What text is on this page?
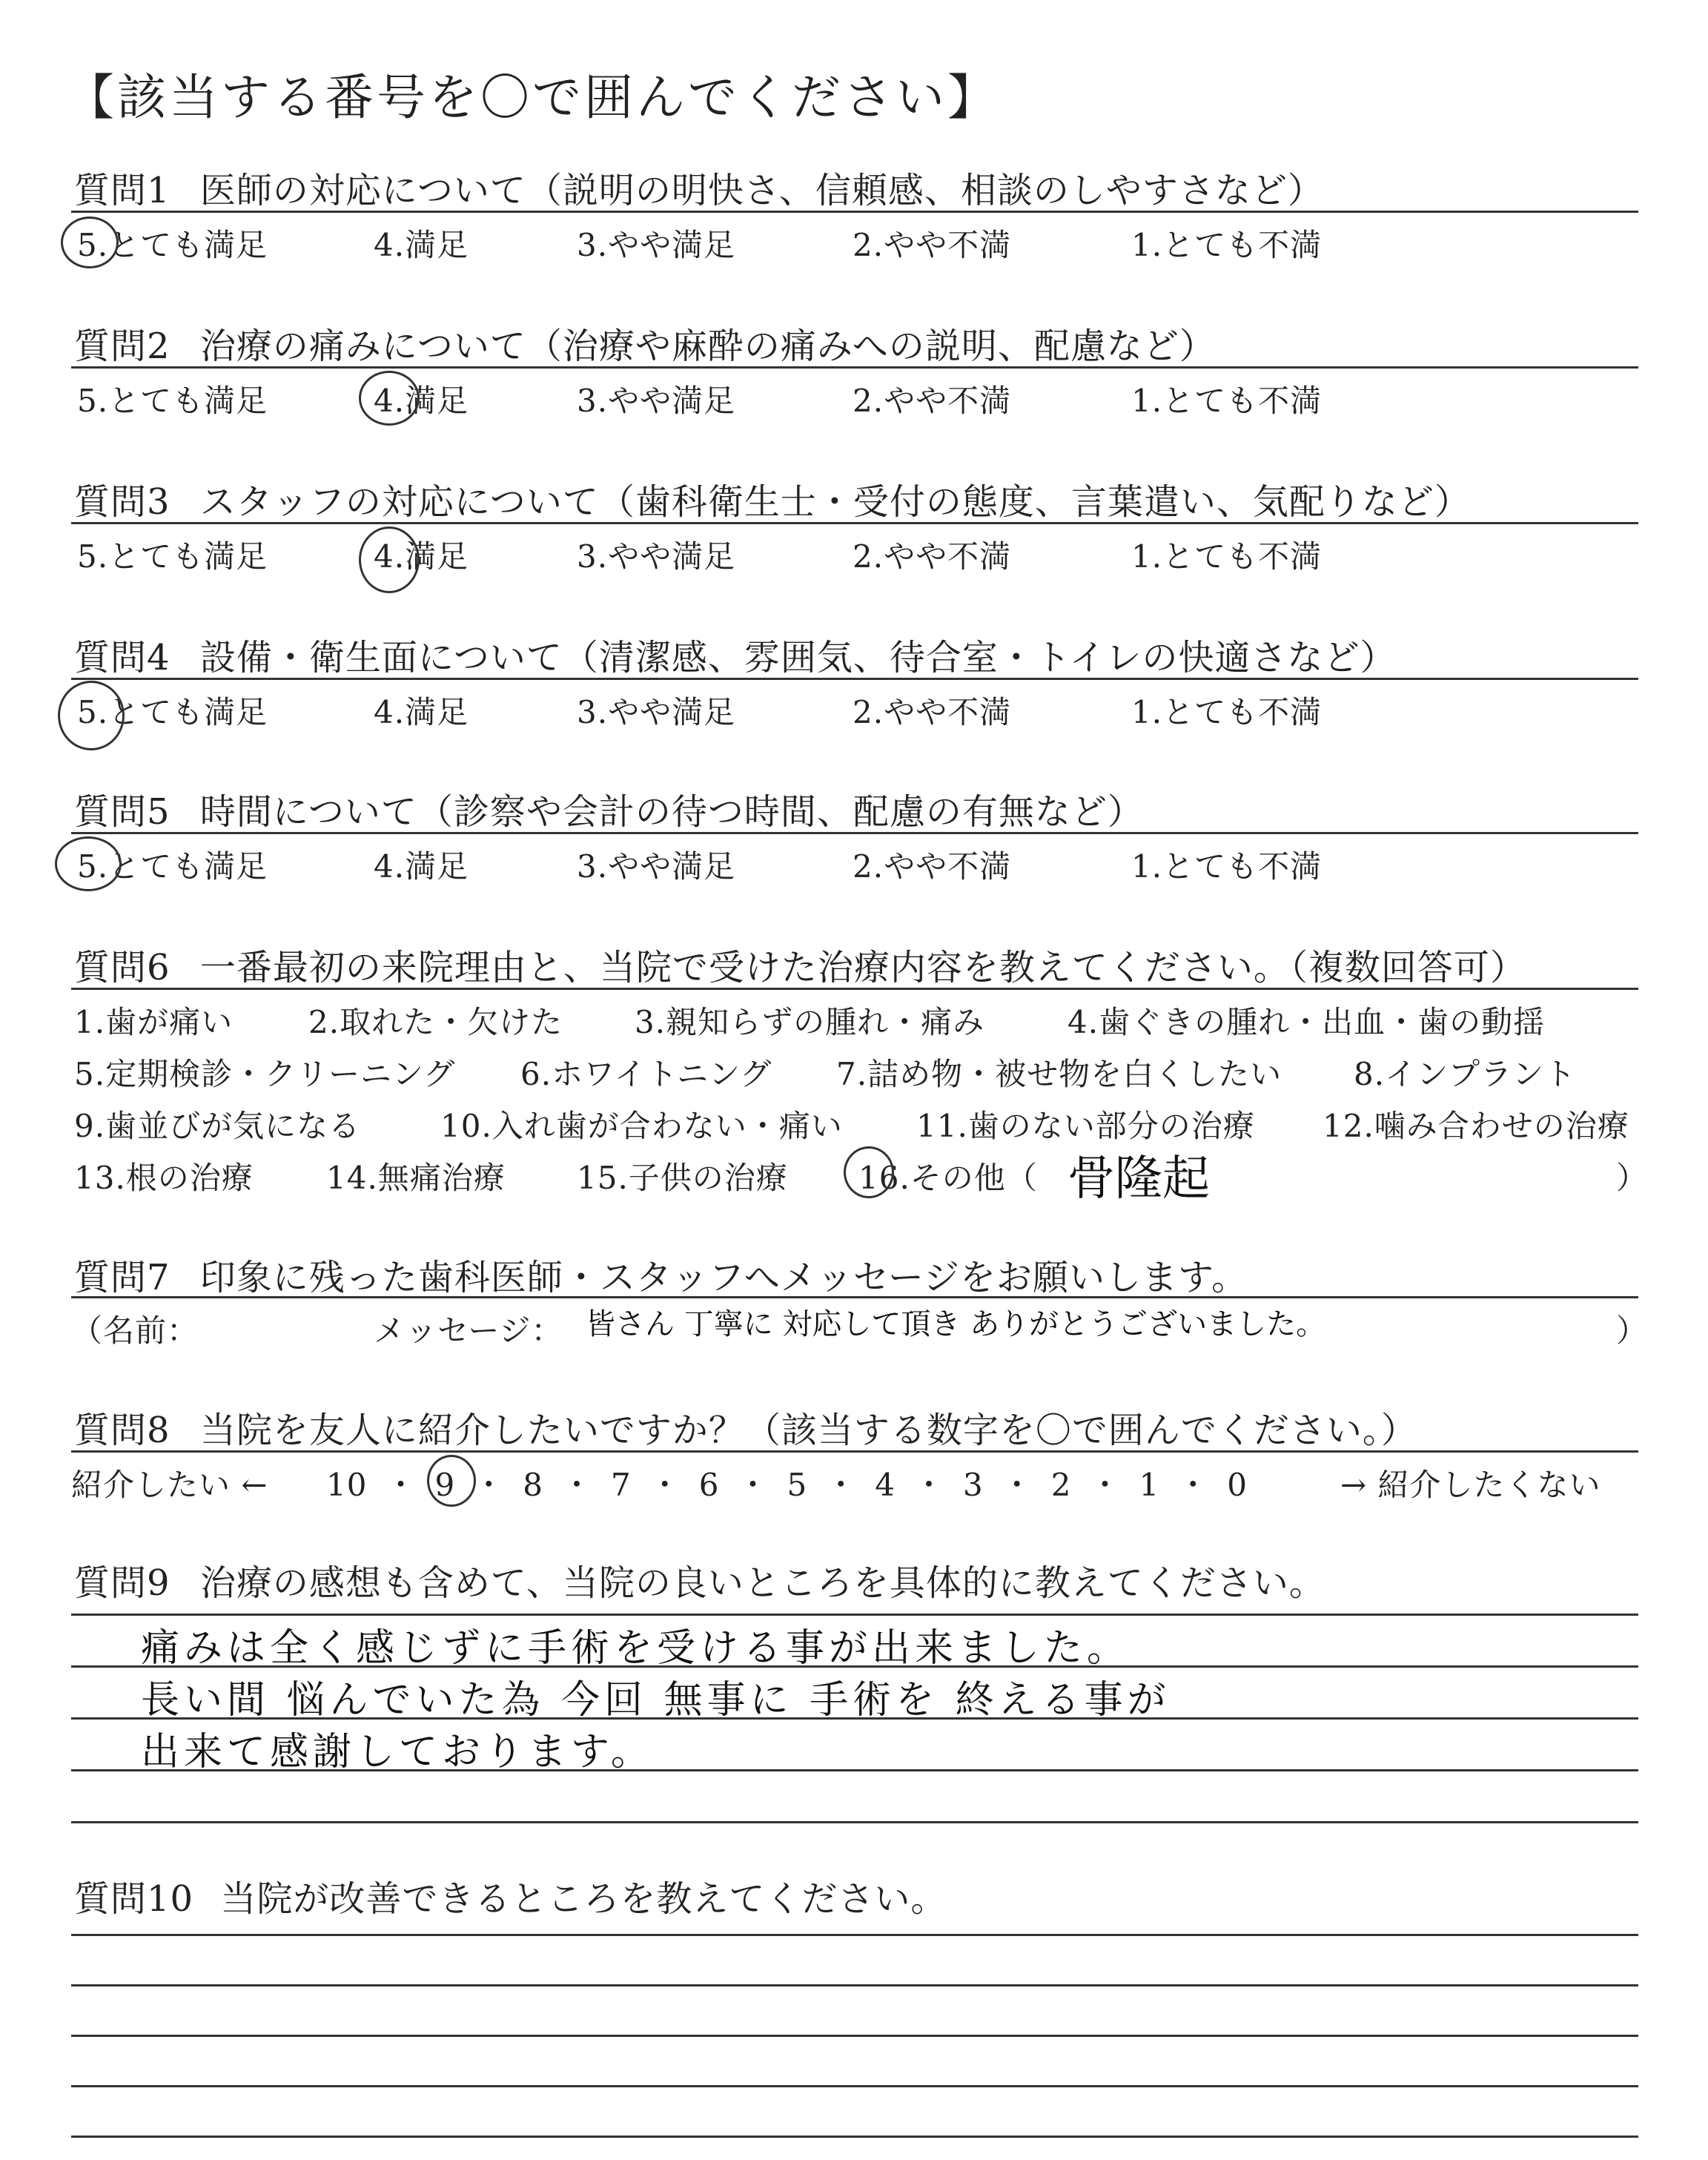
【該当する番号を〇で囲んでください】
質問1 医師の対応について（説明の明快さ、信頼感、相談のしやすさなど）
5.とても満足	4.満足	3.やや満足	2.やや不満	1.とても不満
質問2 治療の痛みについて（治療や麻酔の痛みへの説明、配慮など）
5.とても満足	4.満足	3.やや満足	2.やや不満	1.とても不満
質問3 スタッフの対応について（歯科衛生士・受付の態度、言葉遣い、気配りなど）
5.とても満足	4.満足	3.やや満足	2.やや不満	1.とても不満
質問4 設備・衛生面について（清潔感、雰囲気、待合室・トイレの快適さなど）
5.とても満足	4.満足	3.やや満足	2.やや不満	1.とても不満
質問5 時間について（診察や会計の待つ時間、配慮の有無など）
5.とても満足	4.満足	3.やや満足	2.やや不満	1.とても不満
質問6 一番最初の来院理由と、当院で受けた治療内容を教えてください。（複数回答可）
1.歯が痛い 2.取れた・欠けた 3.親知らずの腫れ・痛み	4.歯ぐきの腫れ・出血・歯の動揺
5.定期検診・クリーニング 6.ホワイトニング 7.詰め物・被せ物を白くしたい 8.インプラント
9.歯並びが気になる	10.入れ歯が合わない・痛い 11.歯のない部分の治療 12.噛み合わせの治療
13.根の治療 14.無痛治療 15.子供の治療 16.その他（ 骨隆起	）
質問7 印象に残った歯科医師・スタッフへメッセージをお願いします。
（名前：	メッセージ： 皆さん 丁寧に 対応して頂き ありがとうございました。	）
質問8 当院を友人に紹介したいですか？（該当する数字を〇で囲んでください。）
紹介したい ← 10 ・ 9 ・ 8 ・ 7 ・ 6 ・ 5 ・ 4 ・ 3 ・ 2 ・ 1 ・ 0	→ 紹介したくない
質問9 治療の感想も含めて、当院の良いところを具体的に教えてください。
痛みは全く感じずに手術を受ける事が出来ました。
長い間 悩んでいた為 今回 無事に 手術を 終える事が
出来て感謝しております。
質問10 当院が改善できるところを教えてください。
